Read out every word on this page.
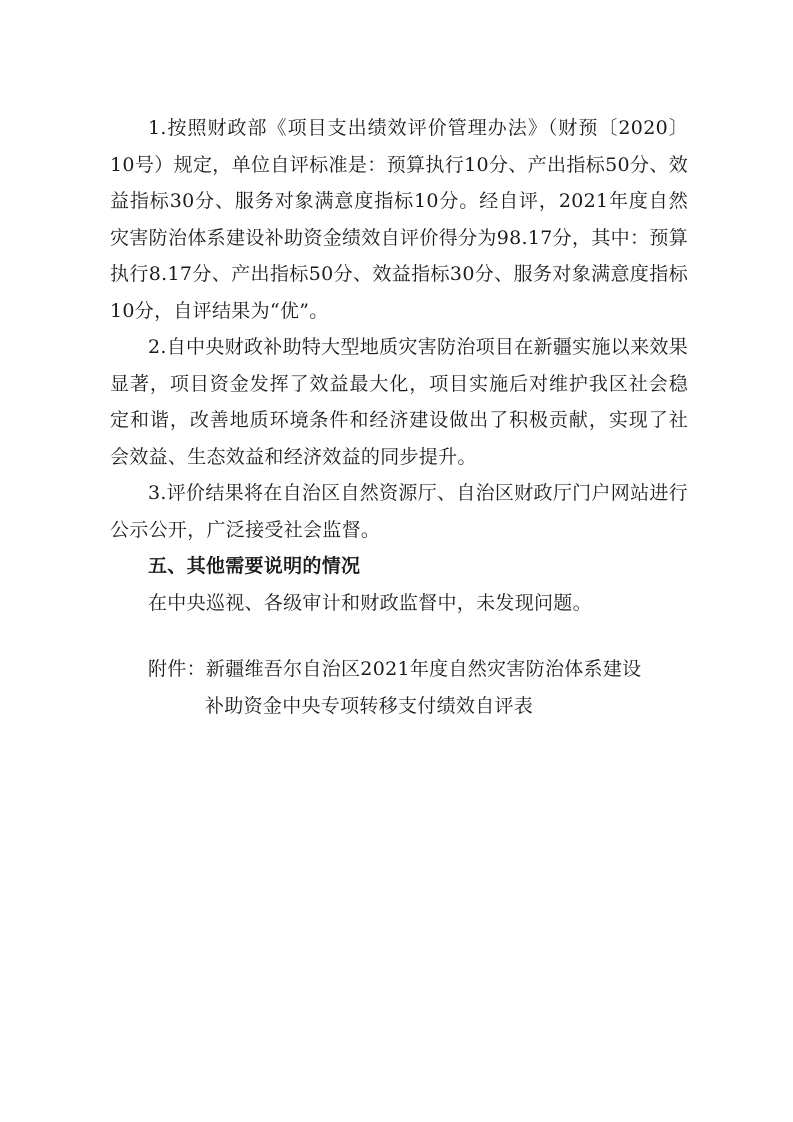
1.按照财政部《项目支出绩效评价管理办法》（财预〔2020〕10号）规定，单位自评标准是：预算执行10分、产出指标50分、效益指标30分、服务对象满意度指标10分。经自评，2021年度自然灾害防治体系建设补助资金绩效自评价得分为98.17分，其中：预算执行8.17分、产出指标50分、效益指标30分、服务对象满意度指标10分，自评结果为“优”。

2.自中央财政补助特大型地质灾害防治项目在新疆实施以来效果显著，项目资金发挥了效益最大化，项目实施后对维护我区社会稳定和谐，改善地质环境条件和经济建设做出了积极贡献，实现了社会效益、生态效益和经济效益的同步提升。

3.评价结果将在自治区自然资源厅、自治区财政厅门户网站进行公示公开，广泛接受社会监督。

五、其他需要说明的情况

在中央巡视、各级审计和财政监督中，未发现问题。

附件：新疆维吾尔自治区2021年度自然灾害防治体系建设
补助资金中央专项转移支付绩效自评表
